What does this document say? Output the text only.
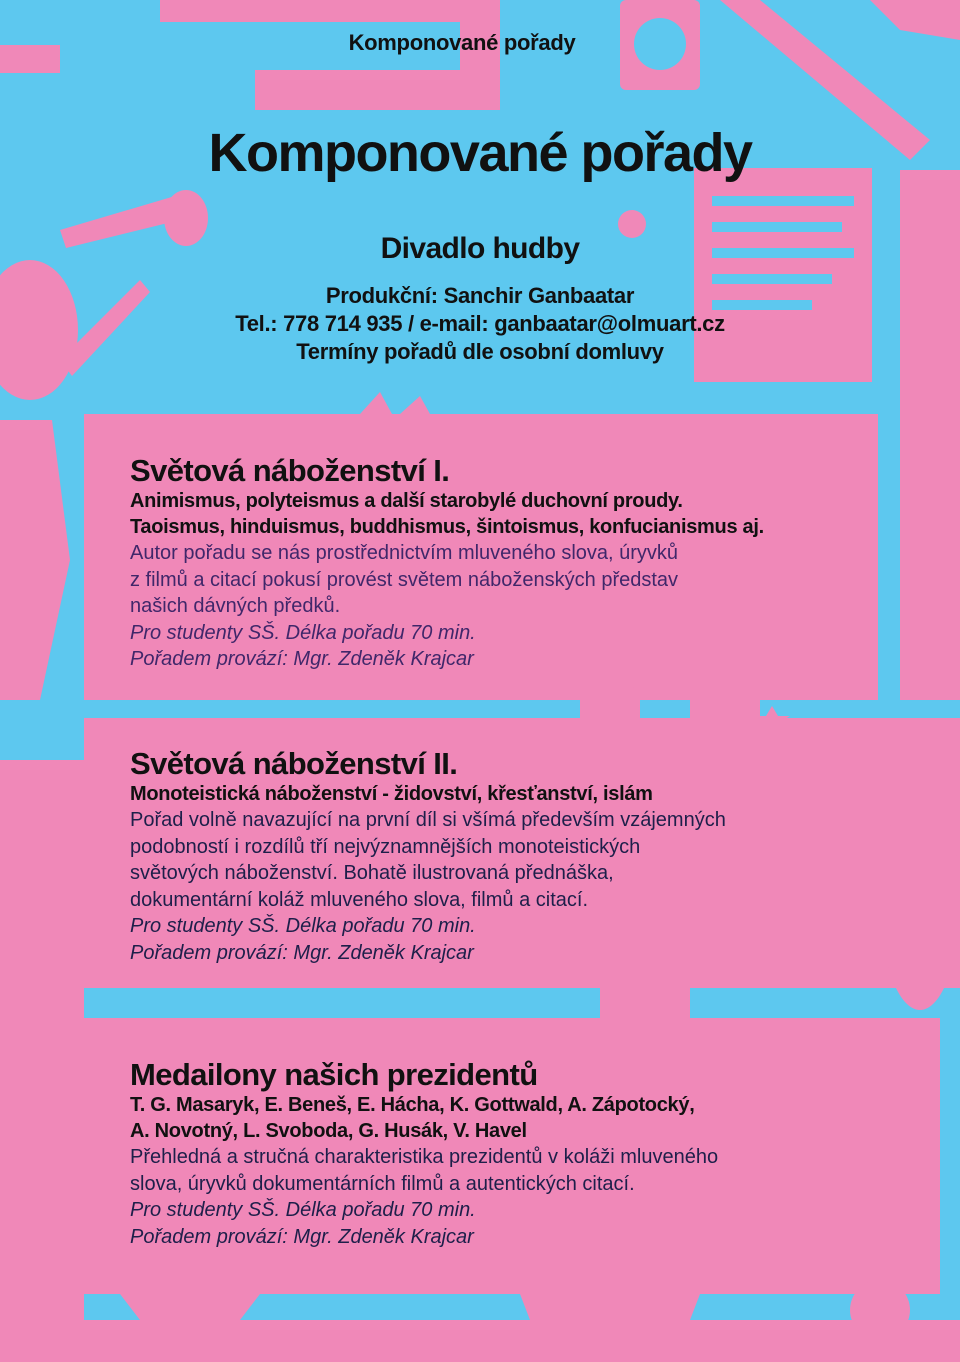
Komponované pořady
Komponované pořady
Divadlo hudby
Produkční: Sanchir Ganbaatar
Tel.: 778 714 935 / e-mail: ganbaatar@olmuart.cz
Termíny pořadů dle osobní domluvy
Světová náboženství I.
Animismus, polyteismus a další starobylé duchovní proudy.
Taoismus, hinduismus, buddhismus, šintoismus, konfucianismus aj.
Autor pořadu se nás prostřednictvím mluveného slova, úryvků
z filmů a citací pokusí provést světem náboženských představ
našich dávných předků.
Pro studenty SŠ. Délka pořadu 70 min.
Pořadem provází: Mgr. Zdeněk Krajcar
Světová náboženství II.
Monoteistická náboženství - židovství, křesťanství, islám
Pořad volně navazující na první díl si všímá především vzájemných
podobností i rozdílů tří nejvýznamnějších monoteistických
světových náboženství. Bohatě ilustrovaná přednáška,
dokumentární koláž mluveného slova, filmů a citací.
Pro studenty SŠ. Délka pořadu 70 min.
Pořadem provází: Mgr. Zdeněk Krajcar
Medailony našich prezidentů
T. G. Masaryk, E. Beneš, E. Hácha, K. Gottwald, A. Zápotocký,
A. Novotný, L. Svoboda, G. Husák, V. Havel
Přehledná a stručná charakteristika prezidentů v koláži mluveného
slova, úryvků dokumentárních filmů a autentických citací.
Pro studenty SŠ. Délka pořadu 70 min.
Pořadem provází: Mgr. Zdeněk Krajcar
